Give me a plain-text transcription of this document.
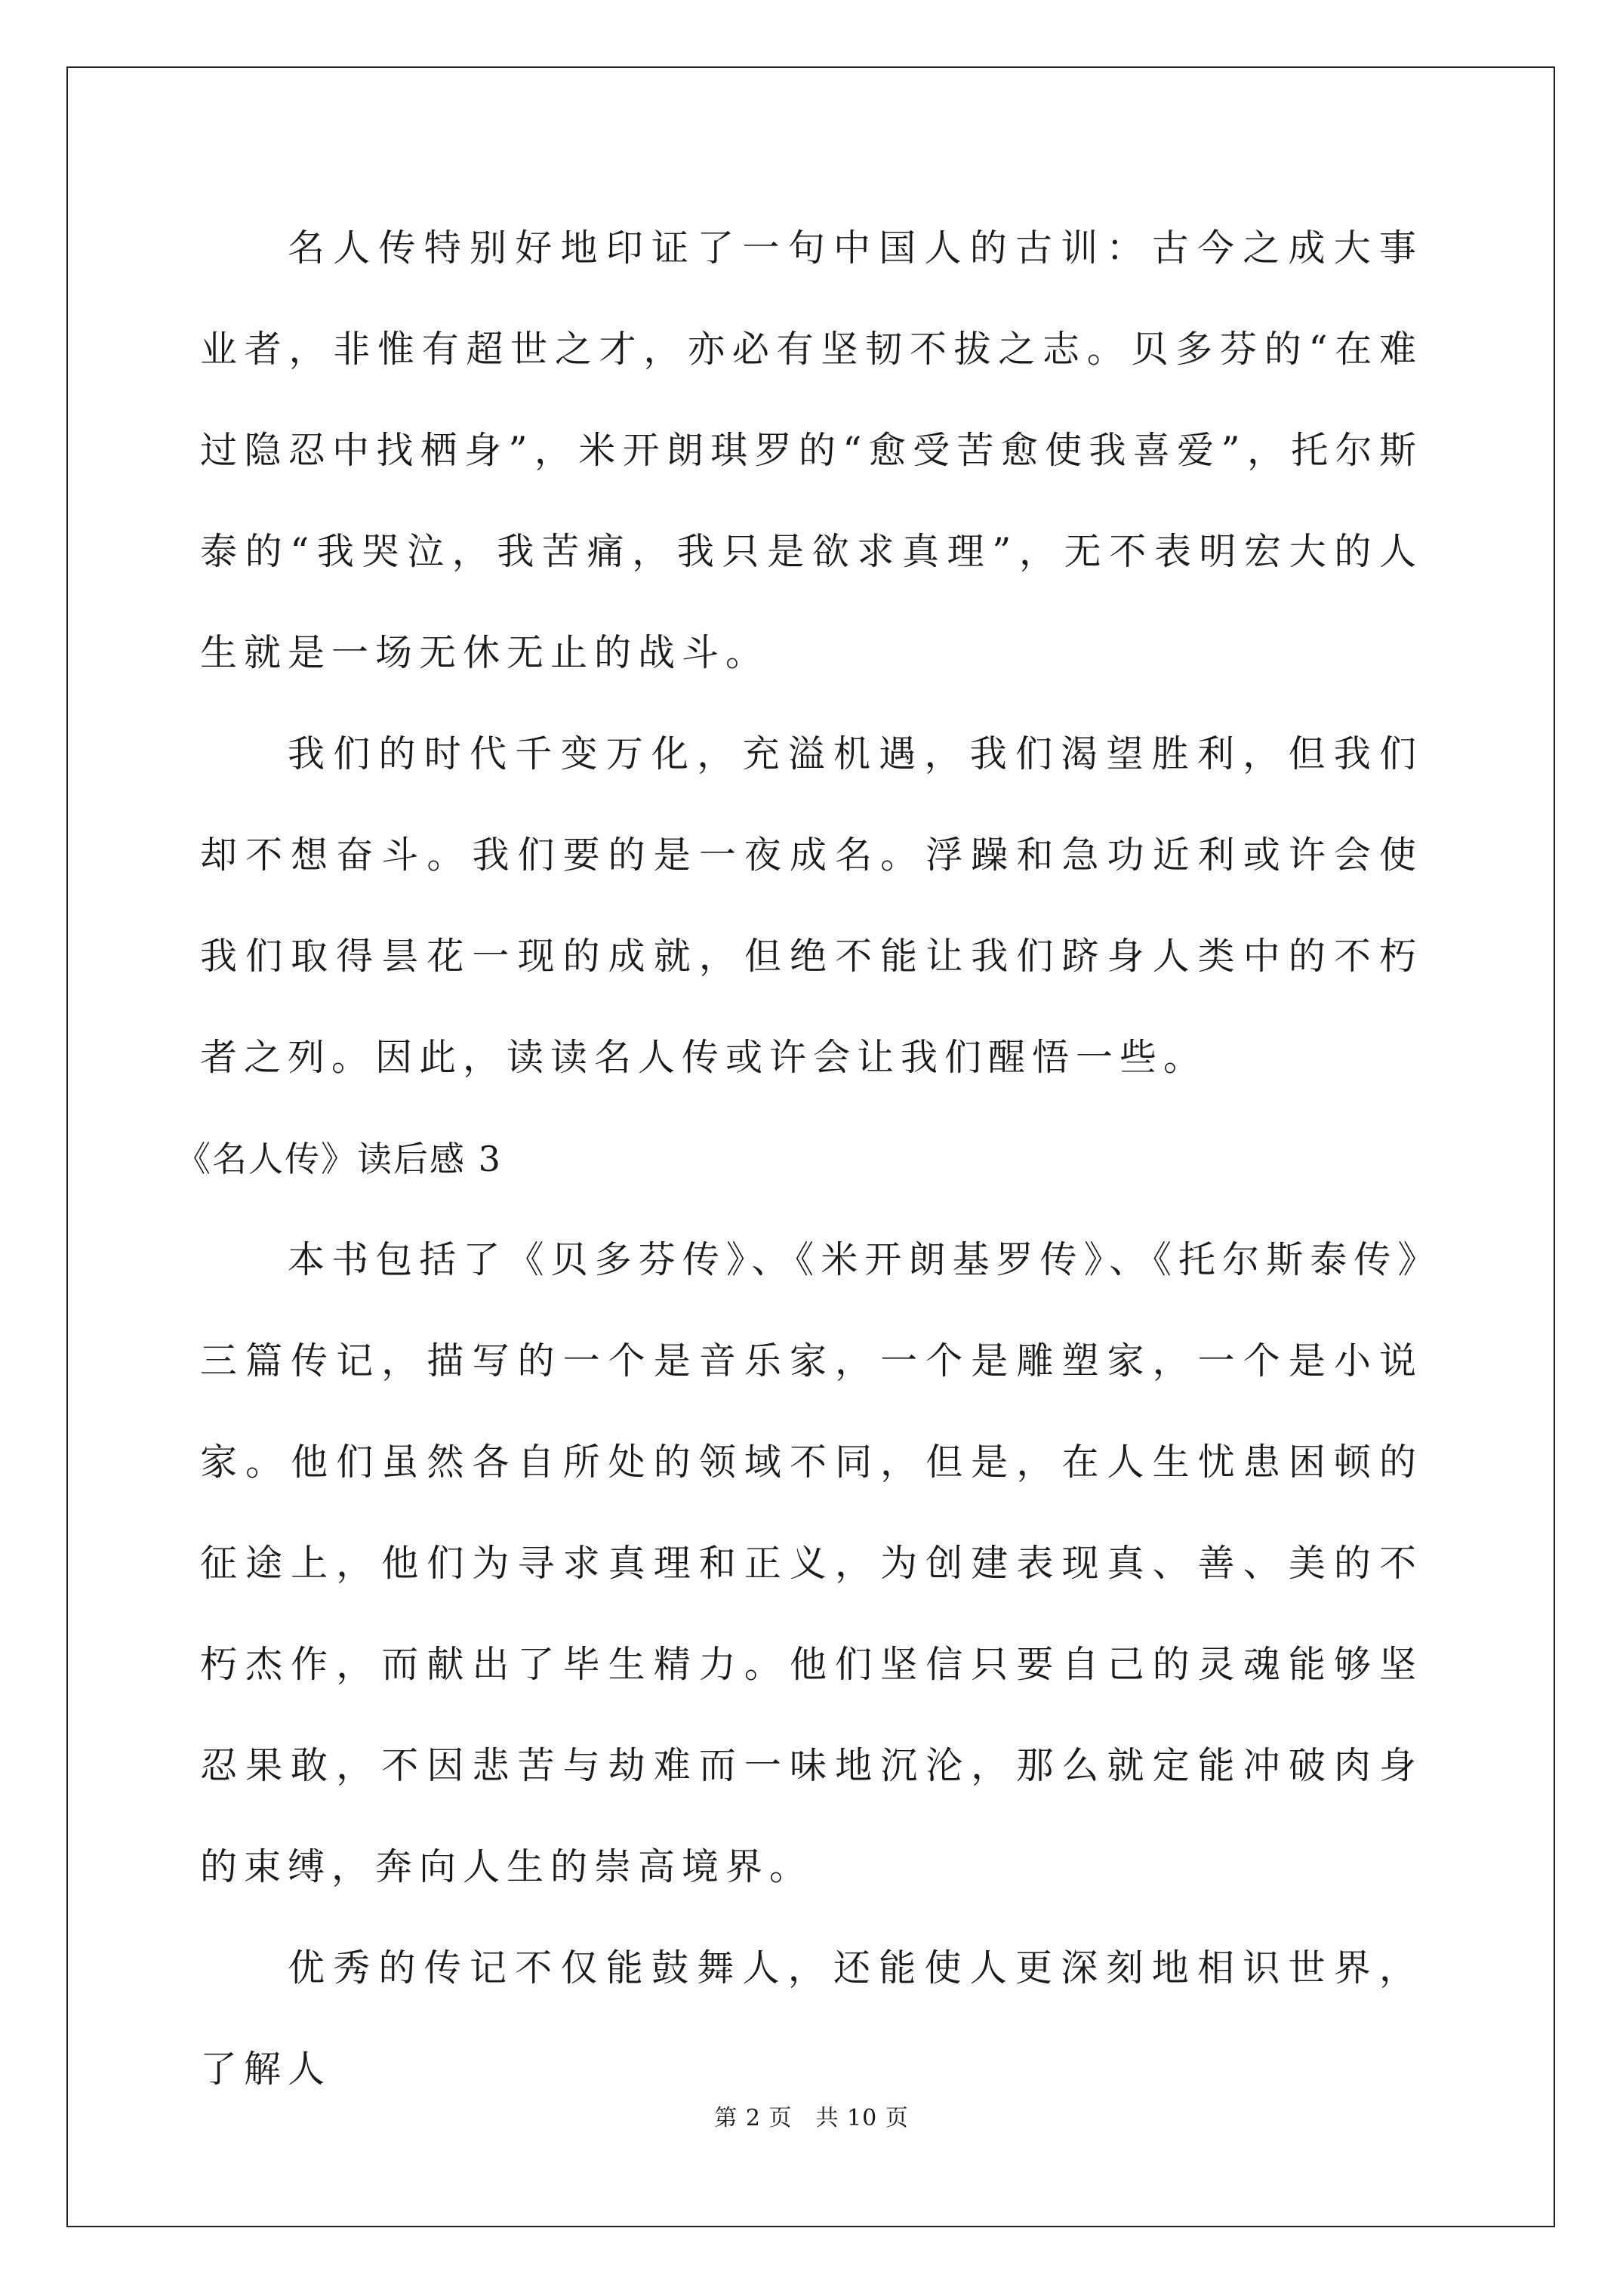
名人传特别好地印证了一句中国人的古训：古今之成大事业者，非惟有超世之才，亦必有坚韧不拔之志。贝多芬的“在难过隐忍中找栖身”，米开朗琪罗的“愈受苦愈使我喜爱”，托尔斯泰的“我哭泣，我苦痛，我只是欲求真理”，无不表明宏大的人生就是一场无休无止的战斗。

我们的时代千变万化，充溢机遇，我们渴望胜利，但我们却不想奋斗。我们要的是一夜成名。浮躁和急功近利或许会使我们取得昙花一现的成就，但绝不能让我们跻身人类中的不朽者之列。因此，读读名人传或许会让我们醒悟一些。

《名人传》读后感 3

本书包括了《贝多芬传》、《米开朗基罗传》、《托尔斯泰传》三篇传记，描写的一个是音乐家，一个是雕塑家，一个是小说家。他们虽然各自所处的领域不同，但是，在人生忧患困顿的征途上，他们为寻求真理和正义，为创建表现真、善、美的不朽杰作，而献出了毕生精力。他们坚信只要自己的灵魂能够坚忍果敢，不因悲苦与劫难而一味地沉沦，那么就定能冲破肉身的束缚，奔向人生的崇高境界。

优秀的传记不仅能鼓舞人，还能使人更深刻地相识世界，了解人

第 2 页　共 10 页
